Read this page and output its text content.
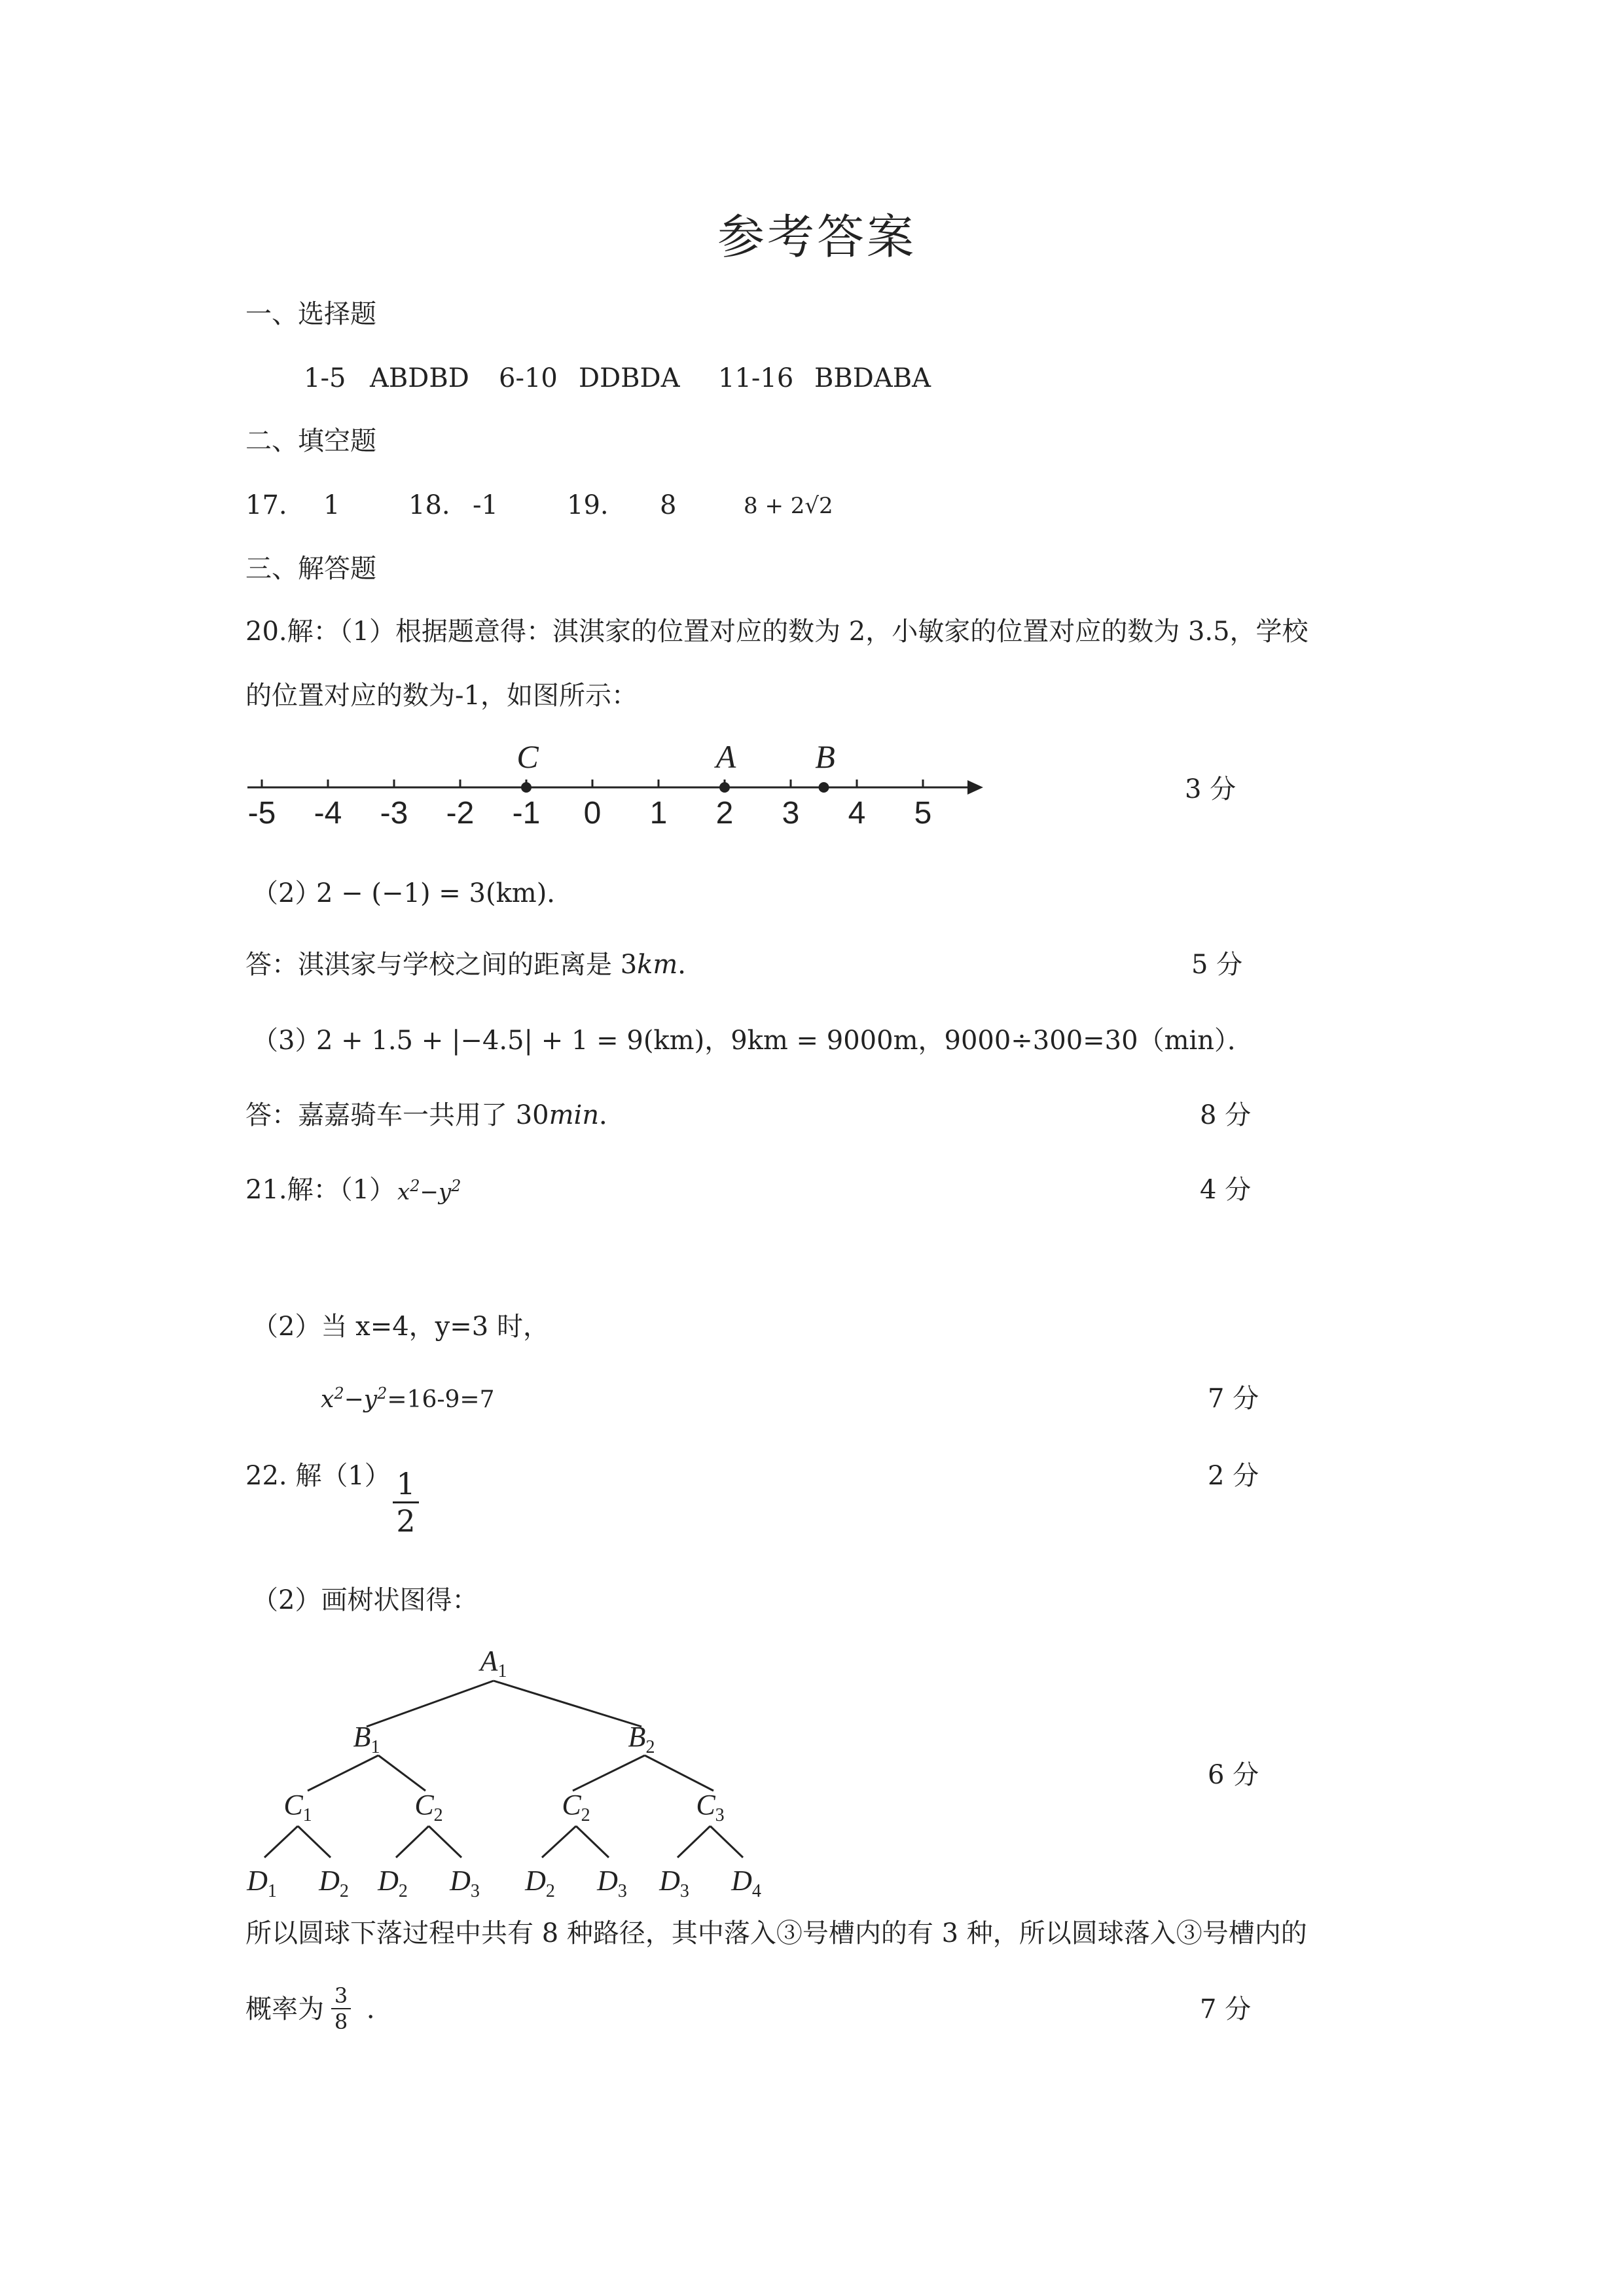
参考答案
一、选择题
1-5 ABDBD 6-10 DDBDA 11-16 BBDABA
二、填空题
17. 1	18. -1	19. 8	8 + 2√2
三、解答题
20.解：（1）根据题意得：淇淇家的位置对应的数为 2，小敏家的位置对应的数为 3.5，学校
的位置对应的数为-1，如图所示：
-5 -4 -3 -2 -1 0 1 2 3 4 5
C	A B
3 分
（2）
2 − (−1) = 3(km)．
答：淇淇家与学校之间的距离是 3km．	5 分
（3）
2 + 1.5 + |−4.5| + 1 = 9(km)，9km = 9000m，9000÷300=30（min）．
答：嘉嘉骑车一共用了 30min．	8 分
21.解：（1） $x^2-y^2$	4 分
（2）当 x=4，y=3 时，
$x^2-y^2=16-9=7$	7 分
22. 解（1） 1
2
2 分
（2）画树状图得：
$A_1$
$B_1$	$B_2$
$C_1$	$C_2$	$C_2$	$C_3$
$D_1$ $D_2$ $D_2$ $D_3$ $D_2$ $D_3$ $D_3$ $D_4$
6 分
所以圆球下落过程中共有 8 种路径，其中落入③号槽内的有 3 种，所以圆球落入③号槽内的
概率为 3
8 ．	7 分
